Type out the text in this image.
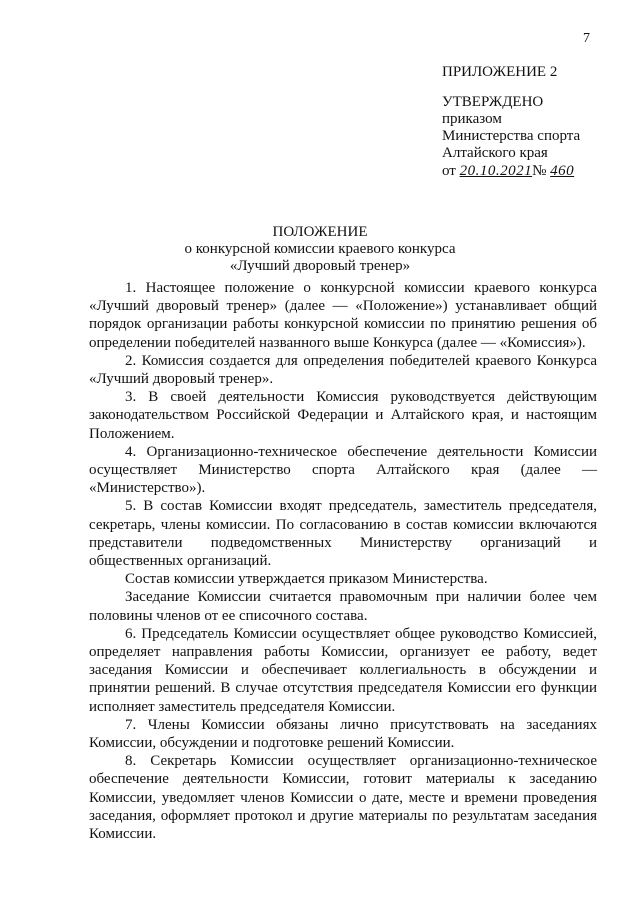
7
ПРИЛОЖЕНИЕ 2
УТВЕРЖДЕНО
приказом
Министерства спорта
Алтайского края
от 20.10.2021№ 460
ПОЛОЖЕНИЕ
о конкурсной комиссии краевого конкурса
«Лучший дворовый тренер»

1. Настоящее положение о конкурсной комиссии краевого конкурса «Лучший дворовый тренер» (далее — «Положение») устанавливает общий порядок организации работы конкурсной комиссии по принятию решения об определении победителей названного выше Конкурса (далее — «Комиссия»).

2. Комиссия создается для определения победителей краевого Конкурса «Лучший дворовый тренер».

3. В своей деятельности Комиссия руководствуется действующим законодательством Российской Федерации и Алтайского края, и настоящим Положением.

4. Организационно-техническое обеспечение деятельности Комиссии осуществляет Министерство спорта Алтайского края (далее — «Министерство»).

5. В состав Комиссии входят председатель, заместитель председателя, секретарь, члены комиссии. По согласованию в состав комиссии включаются представители подведомственных Министерству организаций и общественных организаций.

Состав комиссии утверждается приказом Министерства.

Заседание Комиссии считается правомочным при наличии более чем половины членов от ее списочного состава.

6. Председатель Комиссии осуществляет общее руководство Комиссией, определяет направления работы Комиссии, организует ее работу, ведет заседания Комиссии и обеспечивает коллегиальность в обсуждении и принятии решений. В случае отсутствия председателя Комиссии его функции исполняет заместитель председателя Комиссии.

7. Члены Комиссии обязаны лично присутствовать на заседаниях Комиссии, обсуждении и подготовке решений Комиссии.

8. Секретарь Комиссии осуществляет организационно-техническое обеспечение деятельности Комиссии, готовит материалы к заседанию Комиссии, уведомляет членов Комиссии о дате, месте и времени проведения заседания, оформляет протокол и другие материалы по результатам заседания Комиссии.
